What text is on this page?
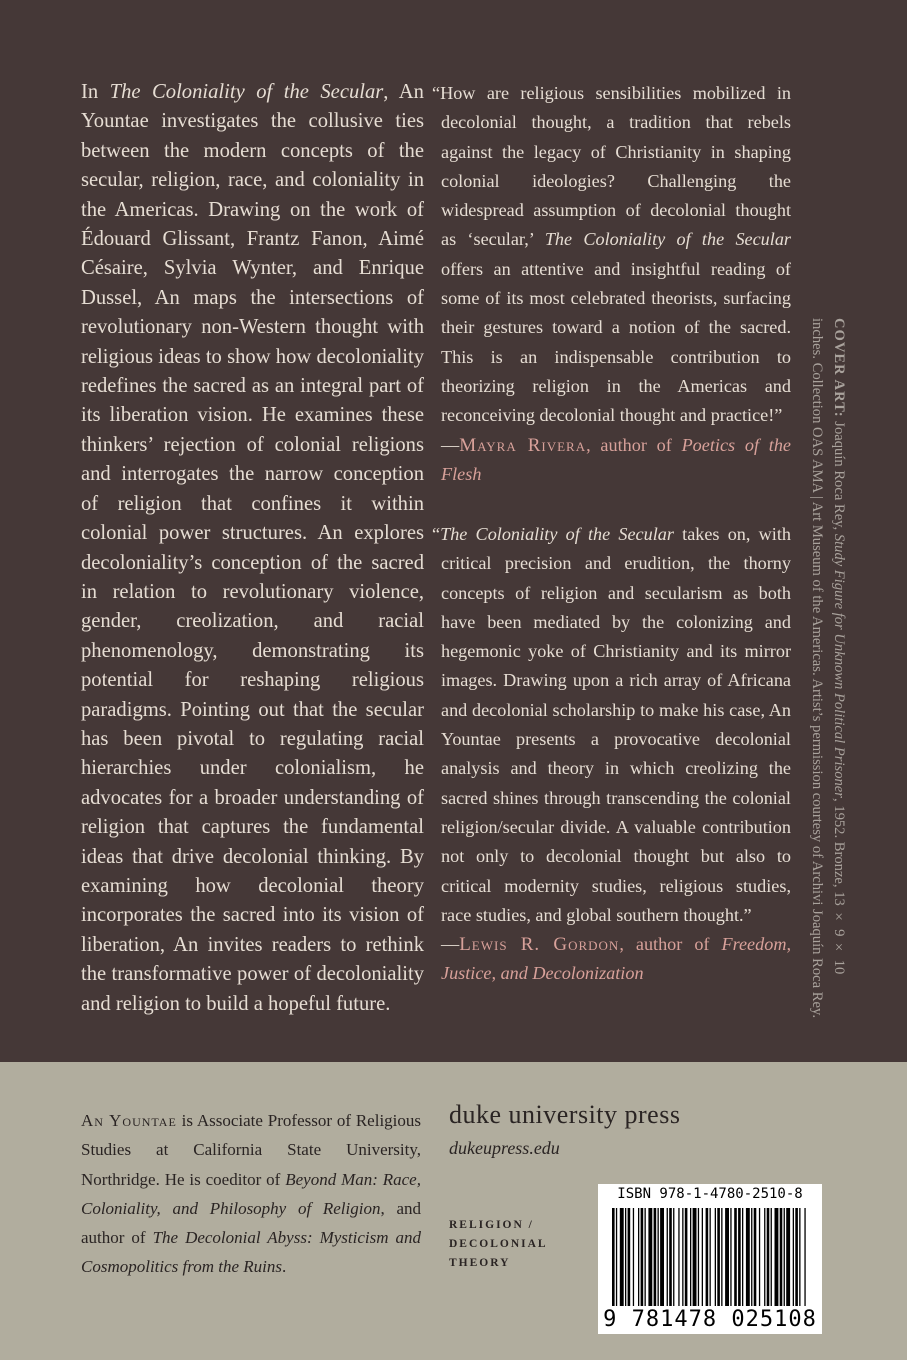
In The Coloniality of the Secular, An Yountae investigates the collusive ties between the modern concepts of the secular, religion, race, and coloniality in the Americas. Drawing on the work of Édouard Glissant, Frantz Fanon, Aimé Césaire, Sylvia Wynter, and Enrique Dussel, An maps the intersections of revolutionary non-Western thought with religious ideas to show how decoloniality redefines the sacred as an integral part of its liberation vision. He examines these thinkers’ rejection of colonial religions and interrogates the narrow conception of religion that confines it within colonial power structures. An explores decoloniality’s conception of the sacred in relation to revolutionary violence, gender, creolization, and racial phenomenology, demonstrating its potential for reshaping religious paradigms. Pointing out that the secular has been pivotal to regulating racial hierarchies under colonialism, he advocates for a broader understanding of religion that captures the fundamental ideas that drive decolonial thinking. By examining how decolonial theory incorporates the sacred into its vision of liberation, An invites readers to rethink the transformative power of decoloniality and religion to build a hopeful future.
“How are religious sensibilities mobilized in decolonial thought, a tradition that rebels against the legacy of Christianity in shaping colonial ideologies? Challenging the widespread assumption of decolonial thought as ‘secular,’ The Coloniality of the Secular offers an attentive and insightful reading of some of its most celebrated theorists, surfacing their gestures toward a notion of the sacred. This is an indispensable contribution to theorizing religion in the Americas and reconceiving decolonial thought and practice!”
—Mayra Rivera, author of Poetics of the Flesh
“The Coloniality of the Secular takes on, with critical precision and erudition, the thorny concepts of religion and secularism as both have been mediated by the colonizing and hegemonic yoke of Christianity and its mirror images. Drawing upon a rich array of Africana and decolonial scholarship to make his case, An Yountae presents a provocative decolonial analysis and theory in which creolizing the sacred shines through transcending the colonial religion/secular divide. A valuable contribution not only to decolonial thought but also to critical modernity studies, religious studies, race studies, and global southern thought.”
—Lewis R. Gordon, author of Freedom, Justice, and Decolonization
COVER ART: Joaquín Roca Rey, Study Figure for Unknown Political Prisoner, 1952. Bronze, 13 × 9 × 10 inches. Collection OAS AMA | Art Museum of the Americas. Artist’s permission courtesy of Archivi Joaquín Roca Rey.
An Yountae is Associate Professor of Religious Studies at California State University, Northridge. He is coeditor of Beyond Man: Race, Coloniality, and Philosophy of Religion, and author of The Decolonial Abyss: Mysticism and Cosmopolitics from the Ruins.
duke university press
dukeupress.edu
RELIGION /
DECOLONIAL
THEORY
ISBN 978-1-4780-2510-8
9 781478 025108
